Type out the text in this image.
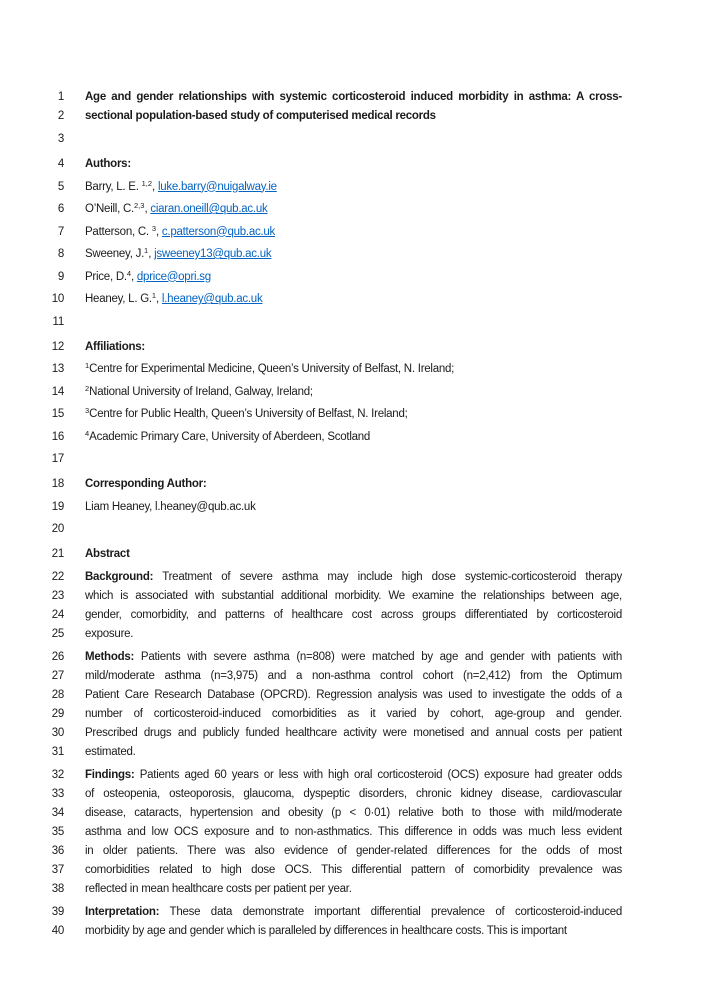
1 Age and gender relationships with systemic corticosteroid induced morbidity in asthma: A cross-
2 sectional population-based study of computerised medical records
3
4 Authors:
5 Barry, L. E. $^{1,2}$, luke.barry@nuigalway.ie
6 O’Neill, C.$^{2,3}$, ciaran.oneill@qub.ac.uk
7 Patterson, C. $^3$, c.patterson@qub.ac.uk
8 Sweeney, J.$^1$, jsweeney13@qub.ac.uk
9 Price, D.$^4$, dprice@opri.sg
10 Heaney, L. G.$^1$, l.heaney@qub.ac.uk
11
12 Affiliations:
13	$^1$Centre for Experimental Medicine, Queen’s University of Belfast, N. Ireland;
14	$^2$National University of Ireland, Galway, Ireland;
15	$^3$Centre for Public Health, Queen’s University of Belfast, N. Ireland;
16	$^4$Academic Primary Care, University of Aberdeen, Scotland
17
18 Corresponding Author:
19 Liam Heaney, l.heaney@qub.ac.uk
20
21 Abstract
22 Background: Treatment of severe asthma may include high dose systemic-corticosteroid therapy
23 which is associated with substantial additional morbidity. We examine the relationships between age,
24 gender, comorbidity, and patterns of healthcare cost across groups differentiated by corticosteroid
25 exposure.
26 Methods: Patients with severe asthma (n=808) were matched by age and gender with patients with
27 mild/moderate asthma (n=3,975) and a non-asthma control cohort (n=2,412) from the Optimum
28 Patient Care Research Database (OPCRD). Regression analysis was used to investigate the odds of a
29 number of corticosteroid-induced comorbidities as it varied by cohort, age-group and gender.
30 Prescribed drugs and publicly funded healthcare activity were monetised and annual costs per patient
31 estimated.
32 Findings: Patients aged 60 years or less with high oral corticosteroid (OCS) exposure had greater odds
33 of osteopenia, osteoporosis, glaucoma, dyspeptic disorders, chronic kidney disease, cardiovascular
34 disease, cataracts, hypertension and obesity (p < 0·01) relative both to those with mild/moderate
35 asthma and low OCS exposure and to non-asthmatics. This difference in odds was much less evident
36 in older patients. There was also evidence of gender-related differences for the odds of most
37 comorbidities related to high dose OCS. This differential pattern of comorbidity prevalence was
38 reflected in mean healthcare costs per patient per year.
39 Interpretation: These data demonstrate important differential prevalence of corticosteroid-induced
40 morbidity by age and gender which is paralleled by differences in healthcare costs. This is important
